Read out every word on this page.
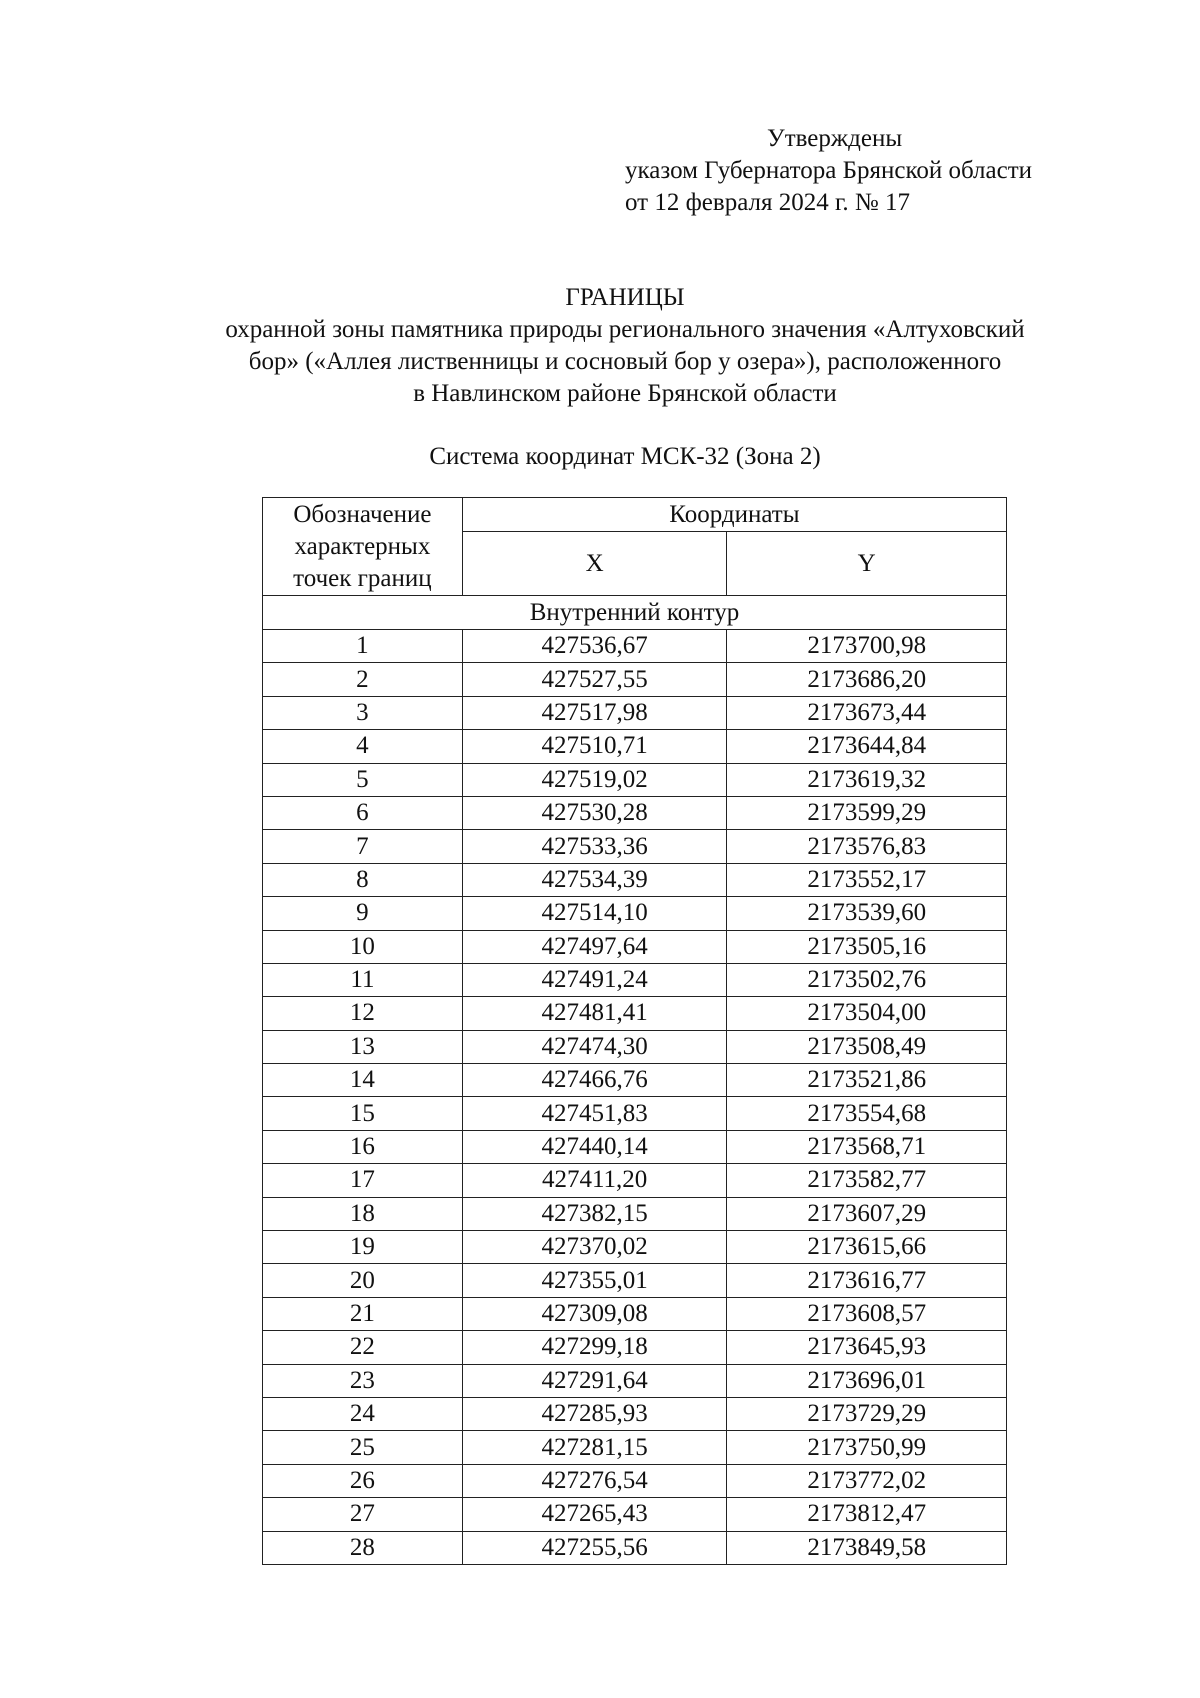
Утверждены
указом Губернатора Брянской области
от 12 февраля 2024 г. № 17
ГРАНИЦЫ
охранной зоны памятника природы регионального значения «Алтуховский
бор» («Аллея лиственницы и сосновый бор у озера»), расположенного
в Навлинском районе Брянской области
Система координат МСК-32 (Зона 2)
Обозначение характерных точек границ	Координаты	
	X	Y
Внутренний контур		
1	427536,67	2173700,98
2	427527,55	2173686,20
3	427517,98	2173673,44
4	427510,71	2173644,84
5	427519,02	2173619,32
6	427530,28	2173599,29
7	427533,36	2173576,83
8	427534,39	2173552,17
9	427514,10	2173539,60
10	427497,64	2173505,16
11	427491,24	2173502,76
12	427481,41	2173504,00
13	427474,30	2173508,49
14	427466,76	2173521,86
15	427451,83	2173554,68
16	427440,14	2173568,71
17	427411,20	2173582,77
18	427382,15	2173607,29
19	427370,02	2173615,66
20	427355,01	2173616,77
21	427309,08	2173608,57
22	427299,18	2173645,93
23	427291,64	2173696,01
24	427285,93	2173729,29
25	427281,15	2173750,99
26	427276,54	2173772,02
27	427265,43	2173812,47
28	427255,56	2173849,58
